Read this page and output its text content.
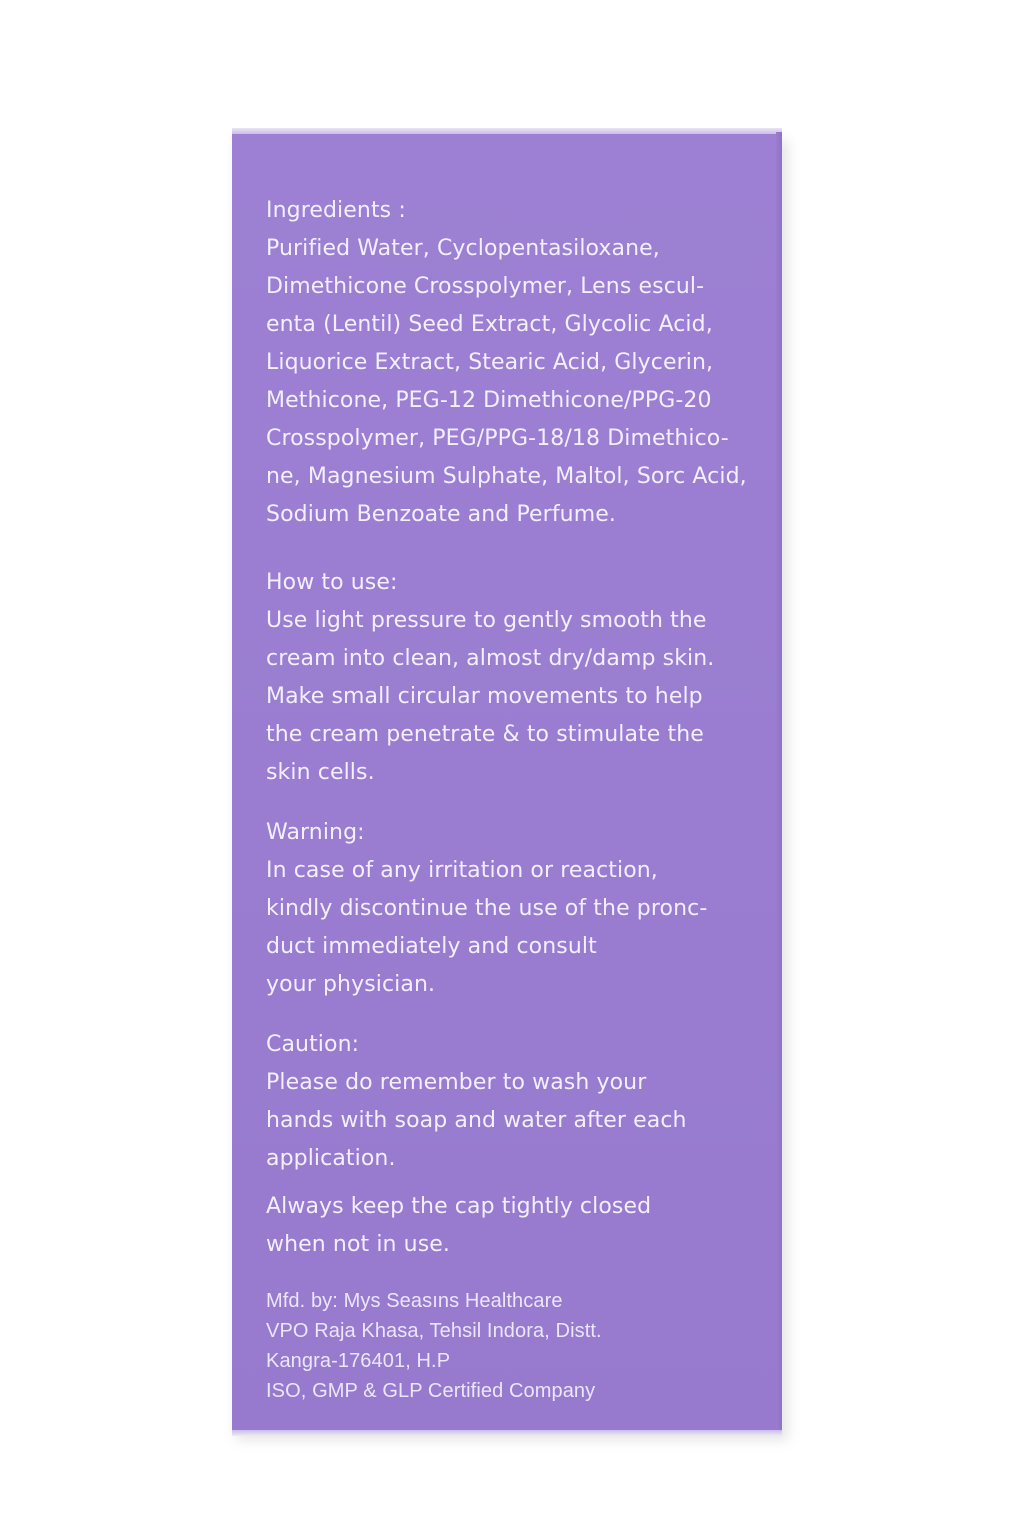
Ingredients :
Purified Water, Cyclopentasiloxane,
Dimethicone Crosspolymer, Lens escul-
enta (Lentil) Seed Extract, Glycolic Acid,
Liquorice Extract, Stearic Acid, Glycerin,
Methicone, PEG-12 Dimethicone/PPG-20
Crosspolymer, PEG/PPG-18/18 Dimethico-
ne, Magnesium Sulphate, Maltol, Sorc Acid,
Sodium Benzoate and Perfume.
How to use:
Use light pressure to gently smooth the
cream into clean, almost dry/damp skin.
Make small circular movements to help
the cream penetrate & to stimulate the
skin cells.
Warning:
In case of any irritation or reaction,
kindly discontinue the use of the pronc-
duct immediately and consult
your physician.
Caution:
Please do remember to wash your
hands with soap and water after each
application.
Always keep the cap tightly closed
when not in use.
Mfd. by: Mys Seasıns Healthcare
VPO Raja Khasa, Tehsil Indora, Distt.
Kangra-176401, H.P
ISO, GMP & GLP Certified Company
